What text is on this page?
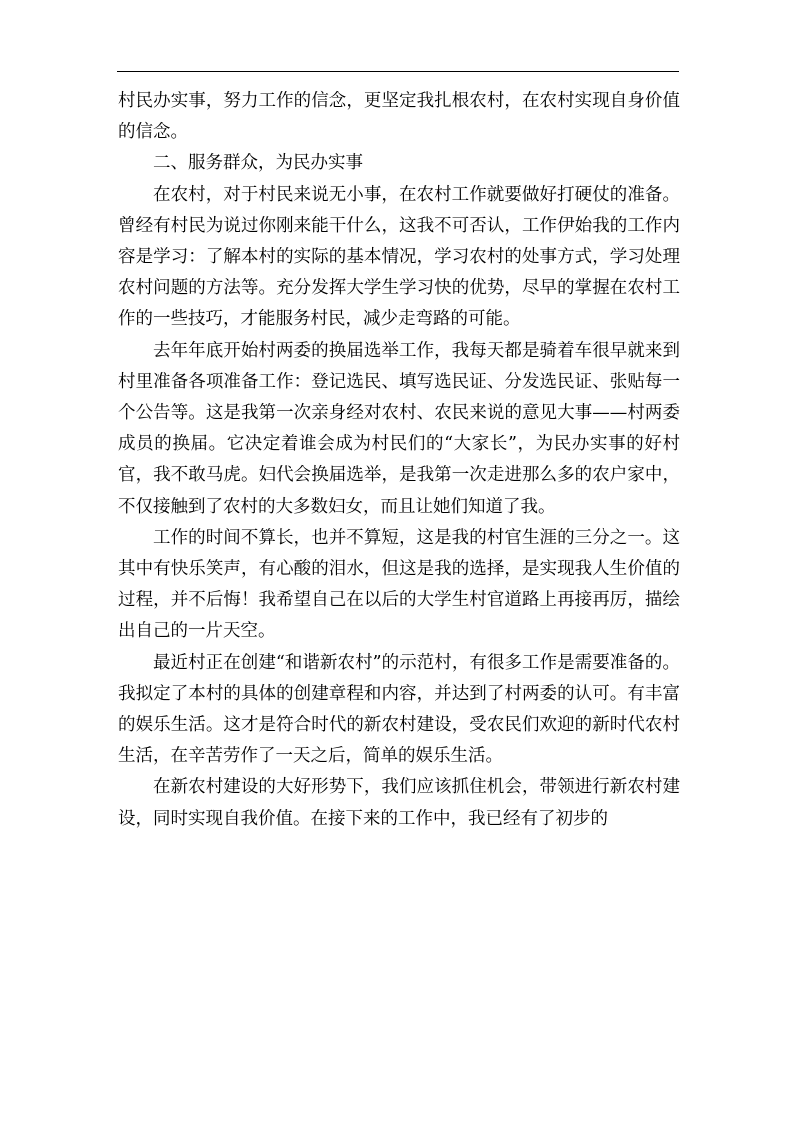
村民办实事，努力工作的信念，更坚定我扎根农村，在农村实现自身价值的信念。

二、服务群众，为民办实事

在农村，对于村民来说无小事，在农村工作就要做好打硬仗的准备。曾经有村民为说过你刚来能干什么，这我不可否认，工作伊始我的工作内容是学习：了解本村的实际的基本情况，学习农村的处事方式，学习处理农村问题的方法等。充分发挥大学生学习快的优势，尽早的掌握在农村工作的一些技巧，才能服务村民，减少走弯路的可能。

去年年底开始村两委的换届选举工作，我每天都是骑着车很早就来到村里准备各项准备工作：登记选民、填写选民证、分发选民证、张贴每一个公告等。这是我第一次亲身经对农村、农民来说的意见大事——村两委成员的换届。它决定着谁会成为村民们的“大家长”，为民办实事的好村官，我不敢马虎。妇代会换届选举，是我第一次走进那么多的农户家中，不仅接触到了农村的大多数妇女，而且让她们知道了我。

工作的时间不算长，也并不算短，这是我的村官生涯的三分之一。这其中有快乐笑声，有心酸的泪水，但这是我的选择，是实现我人生价值的过程，并不后悔！我希望自己在以后的大学生村官道路上再接再厉，描绘出自己的一片天空。

最近村正在创建“和谐新农村”的示范村，有很多工作是需要准备的。我拟定了本村的具体的创建章程和内容，并达到了村两委的认可。有丰富的娱乐生活。这才是符合时代的新农村建设，受农民们欢迎的新时代农村生活，在辛苦劳作了一天之后，简单的娱乐生活。

在新农村建设的大好形势下，我们应该抓住机会，带领进行新农村建设，同时实现自我价值。在接下来的工作中，我已经有了初步的
